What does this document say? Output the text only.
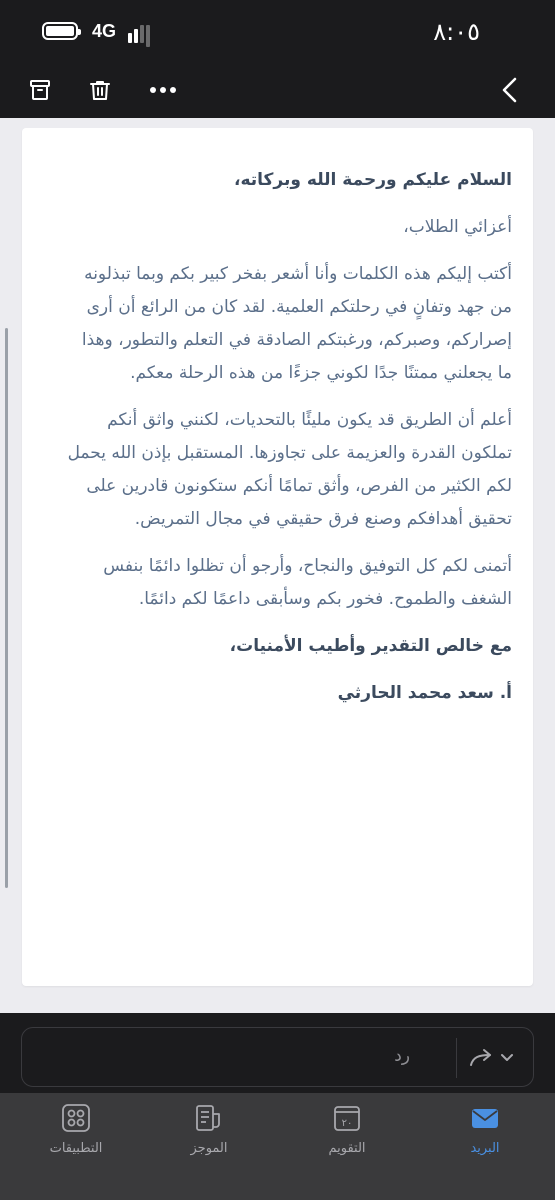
4G	٨:٠٥

السلام عليكم ورحمة الله وبركاته،

أعزائي الطلاب،

أكتب إليكم هذه الكلمات وأنا أشعر بفخر كبير بكم وبما تبذلونه من جهد وتفانٍ في رحلتكم العلمية. لقد كان من الرائع أن أرى إصراركم، وصبركم، ورغبتكم الصادقة في التعلم والتطور، وهذا ما يجعلني ممتنًا جدًا لكوني جزءًا من هذه الرحلة معكم.

أعلم أن الطريق قد يكون مليئًا بالتحديات، لكنني واثق أنكم تملكون القدرة والعزيمة على تجاوزها. المستقبل بإذن الله يحمل لكم الكثير من الفرص، وأثق تمامًا أنكم ستكونون قادرين على تحقيق أهدافكم وصنع فرق حقيقي في مجال التمريض.

أتمنى لكم كل التوفيق والنجاح، وأرجو أن تظلوا دائمًا بنفس الشغف والطموح. فخور بكم وسأبقى داعمًا لكم دائمًا.

مع خالص التقدير وأطيب الأمنيات،

أ. سعد محمد الحارثي

رد
التطبيقات	الموجز
٢٠
التقويم	البريد
